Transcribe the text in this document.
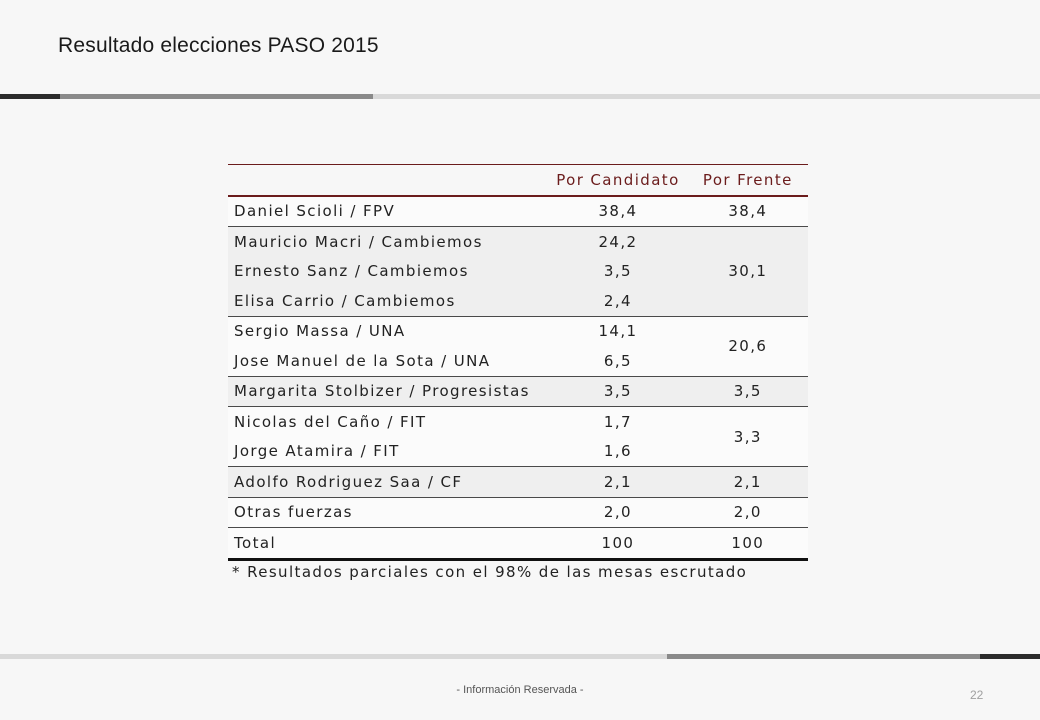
Resultado elecciones PASO 2015
	Por Candidato	Por Frente
Daniel Scioli / FPV	38,4	38,4
Mauricio Macri / Cambiemos	24,2	30,1
Ernesto Sanz / Cambiemos	3,5	
Elisa Carrio / Cambiemos	2,4	
Sergio Massa / UNA	14,1	20,6
Jose Manuel de la Sota / UNA	6,5	
Margarita Stolbizer / Progresistas	3,5	3,5
Nicolas del Caño / FIT	1,7	3,3
Jorge Atamira / FIT	1,6	
Adolfo Rodriguez Saa / CF	2,1	2,1
Otras fuerzas	2,0	2,0
Total	100	100
* Resultados parciales con el 98% de las mesas escrutado
- Información Reservada -	22
